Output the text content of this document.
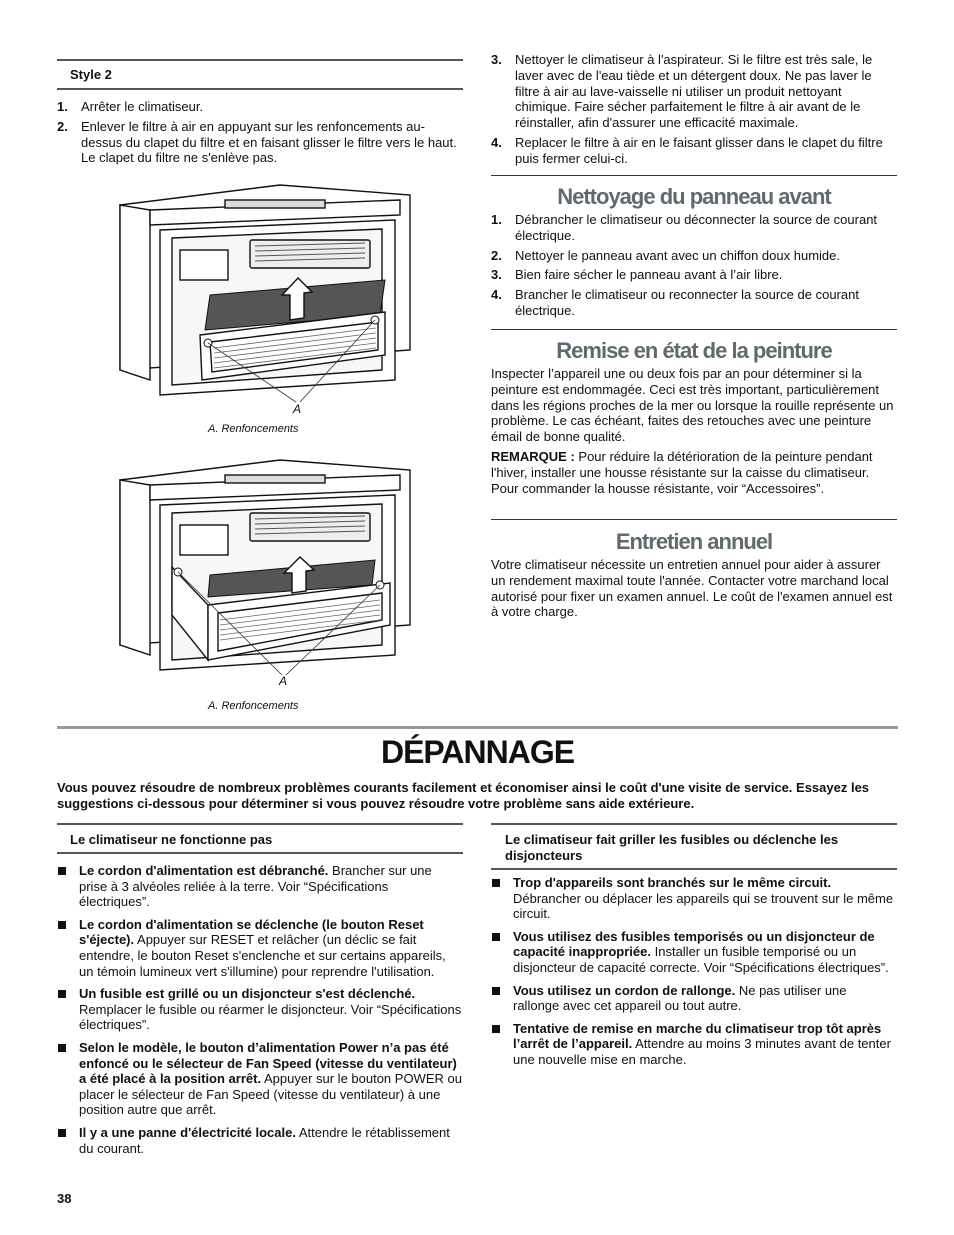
Style 2
1. Arrêter le climatiseur.
2. Enlever le filtre à air en appuyant sur les renfoncements au-dessus du clapet du filtre et en faisant glisser le filtre vers le haut. Le clapet du filtre ne s'enlève pas.
A
A. Renfoncements
A
A. Renfoncements
3. Nettoyer le climatiseur à l'aspirateur. Si le filtre est très sale, le laver avec de l'eau tiède et un détergent doux. Ne pas laver le filtre à air au lave-vaisselle ni utiliser un produit nettoyant chimique. Faire sécher parfaitement le filtre à air avant de le réinstaller, afin d'assurer une efficacité maximale.
4. Replacer le filtre à air en le faisant glisser dans le clapet du filtre puis fermer celui-ci.
Nettoyage du panneau avant
1. Débrancher le climatiseur ou déconnecter la source de courant électrique.
2. Nettoyer le panneau avant avec un chiffon doux humide.
3. Bien faire sécher le panneau avant à l’air libre.
4. Brancher le climatiseur ou reconnecter la source de courant électrique.
Remise en état de la peinture
Inspecter l’appareil une ou deux fois par an pour déterminer si la peinture est endommagée. Ceci est très important, particulièrement dans les régions proches de la mer ou lorsque la rouille représente un problème. Le cas échéant, faites des retouches avec une peinture émail de bonne qualité.
REMARQUE : Pour réduire la détérioration de la peinture pendant l'hiver, installer une housse résistante sur la caisse du climatiseur. Pour commander la housse résistante, voir “Accessoires”.
Entretien annuel
Votre climatiseur nécessite un entretien annuel pour aider à assurer un rendement maximal toute l'année. Contacter votre marchand local autorisé pour fixer un examen annuel. Le coût de l'examen annuel est à votre charge.
DÉPANNAGE
Vous pouvez résoudre de nombreux problèmes courants facilement et économiser ainsi le coût d'une visite de service. Essayez les suggestions ci-dessous pour déterminer si vous pouvez résoudre votre problème sans aide extérieure.
Le climatiseur ne fonctionne pas
Le cordon d'alimentation est débranché. Brancher sur une prise à 3 alvéoles reliée à la terre. Voir “Spécifications électriques”.
Le cordon d'alimentation se déclenche (le bouton Reset s'éjecte). Appuyer sur RESET et relâcher (un déclic se fait entendre, le bouton Reset s'enclenche et sur certains appareils, un témoin lumineux vert s'illumine) pour reprendre l'utilisation.
Un fusible est grillé ou un disjoncteur s'est déclenché. Remplacer le fusible ou réarmer le disjoncteur. Voir “Spécifications électriques”.
Selon le modèle, le bouton d’alimentation Power n’a pas été enfoncé ou le sélecteur de Fan Speed (vitesse du ventilateur) a été placé à la position arrêt. Appuyer sur le bouton POWER ou placer le sélecteur de Fan Speed (vitesse du ventilateur) à une position autre que arrêt.
Il y a une panne d'électricité locale. Attendre le rétablissement du courant.
Le climatiseur fait griller les fusibles ou déclenche les disjoncteurs
Trop d'appareils sont branchés sur le même circuit. Débrancher ou déplacer les appareils qui se trouvent sur le même circuit.
Vous utilisez des fusibles temporisés ou un disjoncteur de capacité inappropriée. Installer un fusible temporisé ou un disjoncteur de capacité correcte. Voir “Spécifications électriques”.
Vous utilisez un cordon de rallonge. Ne pas utiliser une rallonge avec cet appareil ou tout autre.
Tentative de remise en marche du climatiseur trop tôt après l’arrêt de l’appareil. Attendre au moins 3 minutes avant de tenter une nouvelle mise en marche.
38
